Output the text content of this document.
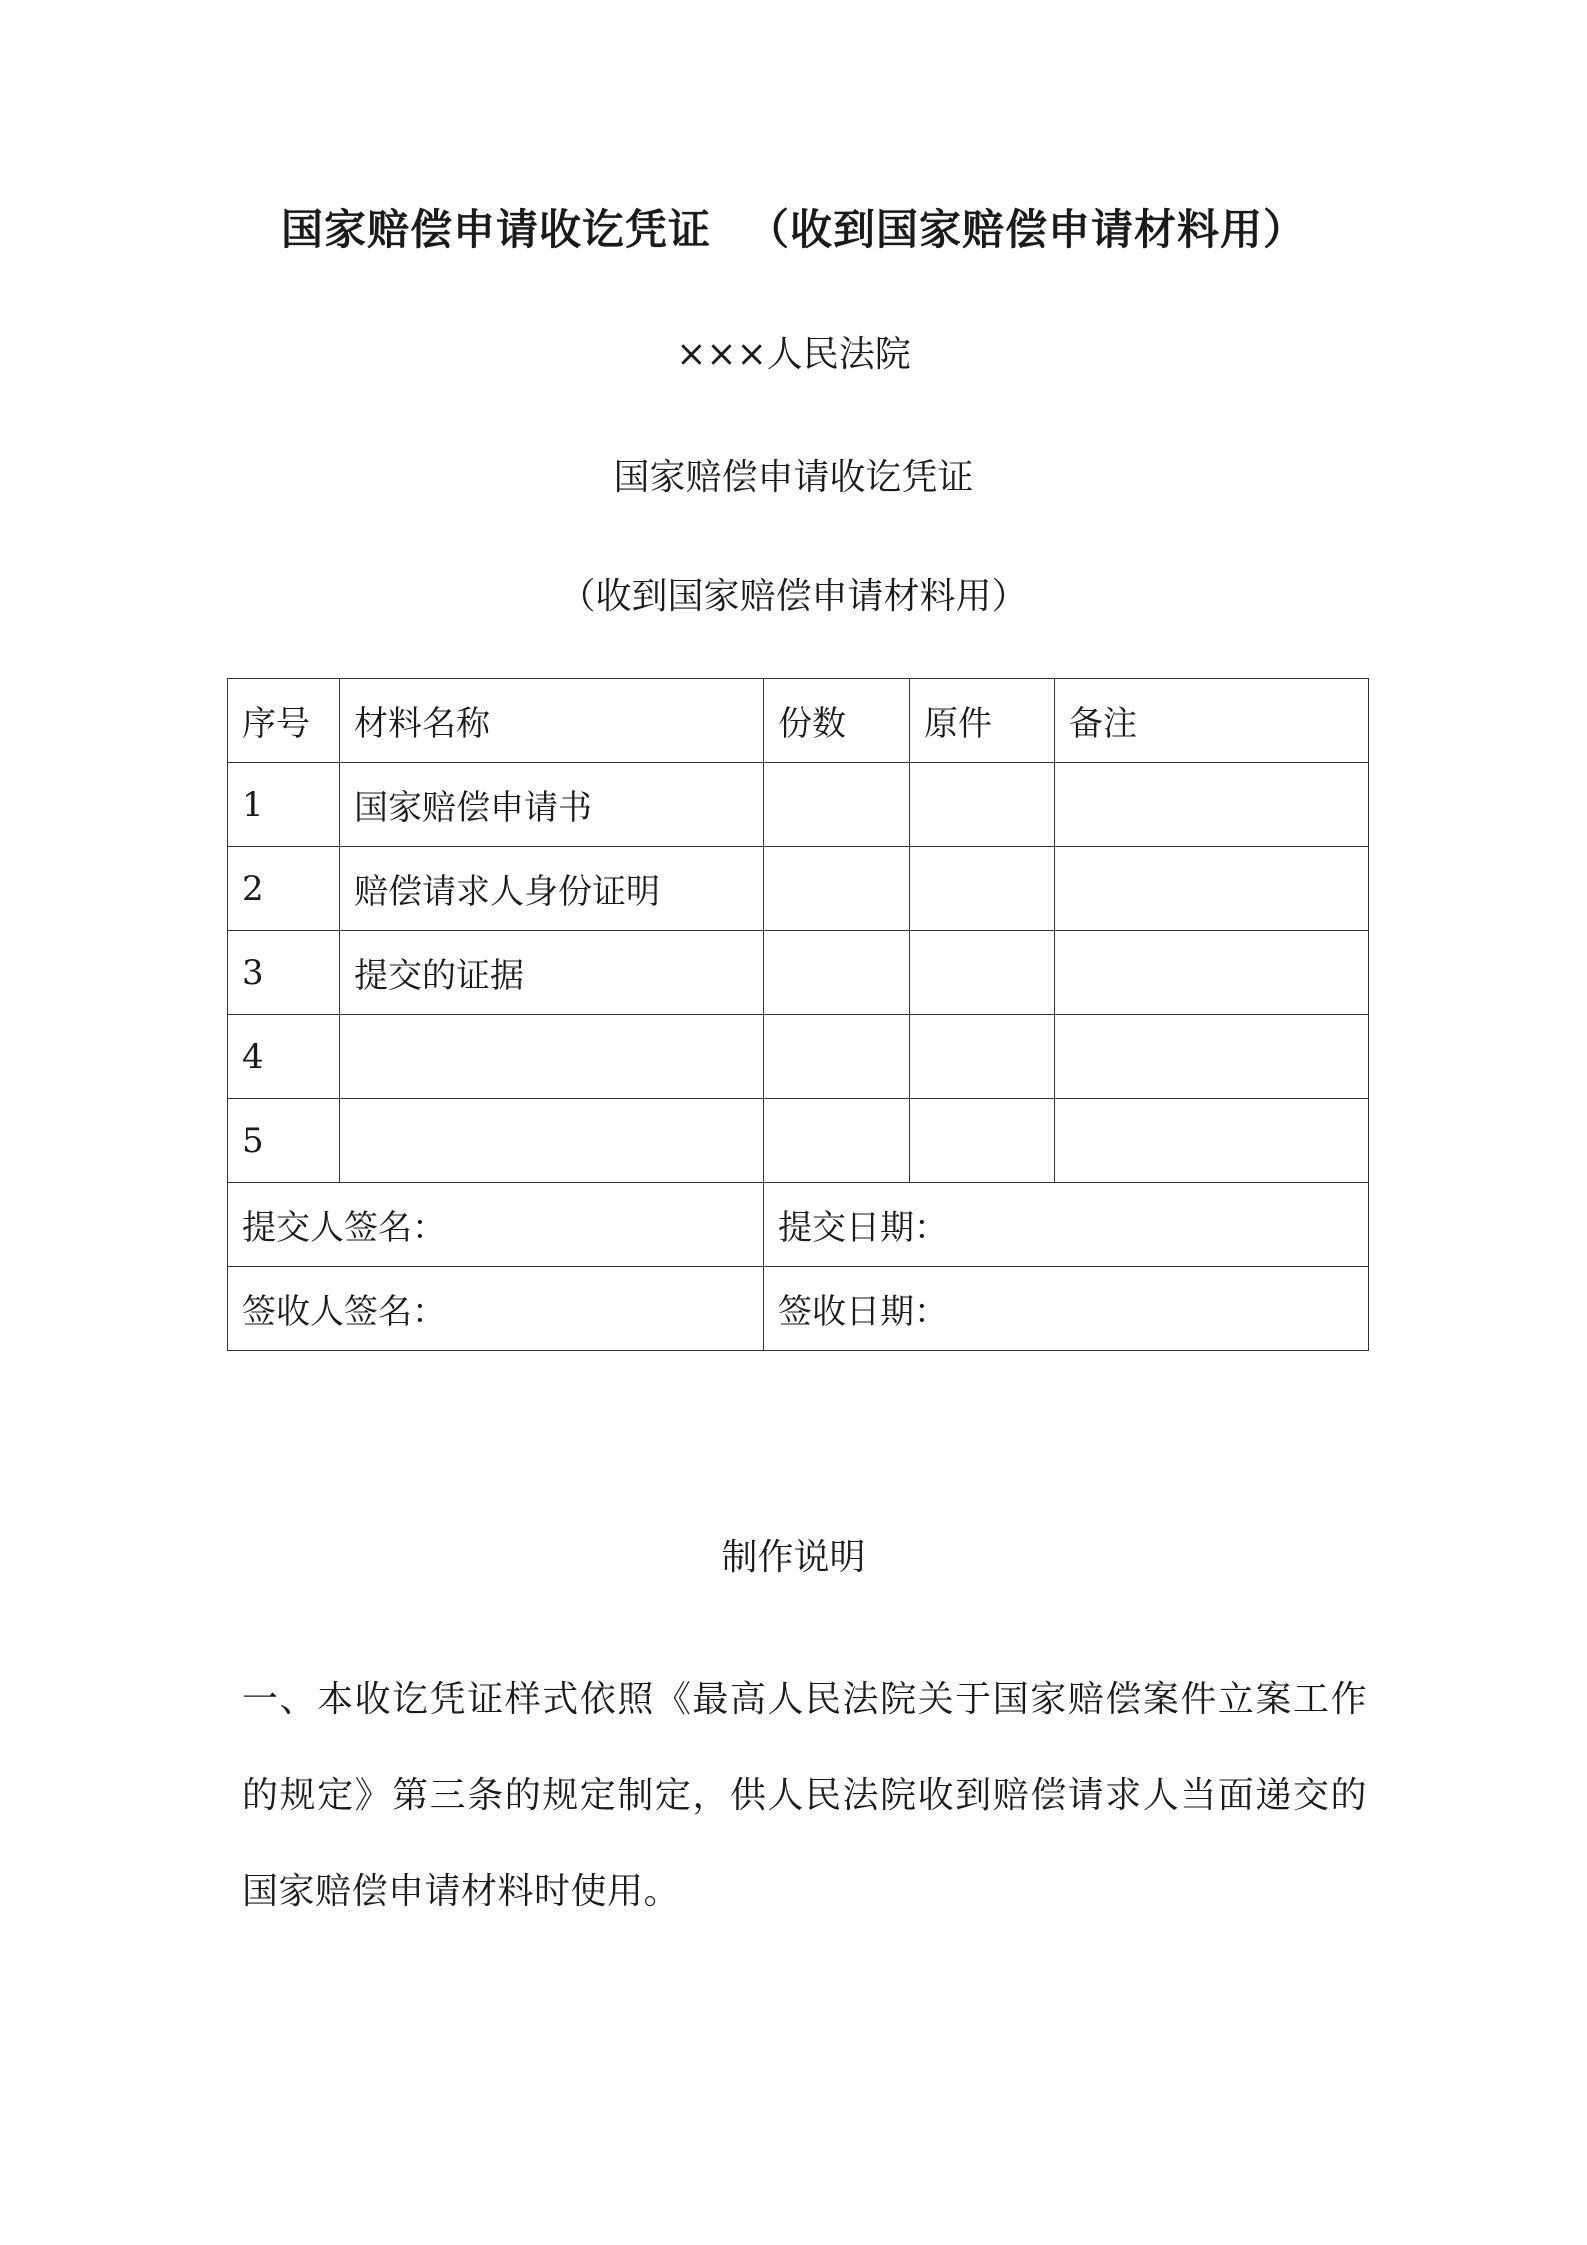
国家赔偿申请收讫凭证 （收到国家赔偿申请材料用）

×××人民法院

国家赔偿申请收讫凭证

（收到国家赔偿申请材料用）

序号	材料名称	份数	原件	备注
1	国家赔偿申请书			
2	赔偿请求人身份证明			
3	提交的证据			
4				
5				
提交人签名：		提交日期：		
签收人签名：		签收日期：		

制作说明

一、本收讫凭证样式依照《最高人民法院关于国家赔偿案件立案工作的规定》第三条的规定制定，供人民法院收到赔偿请求人当面递交的国家赔偿申请材料时使用。
